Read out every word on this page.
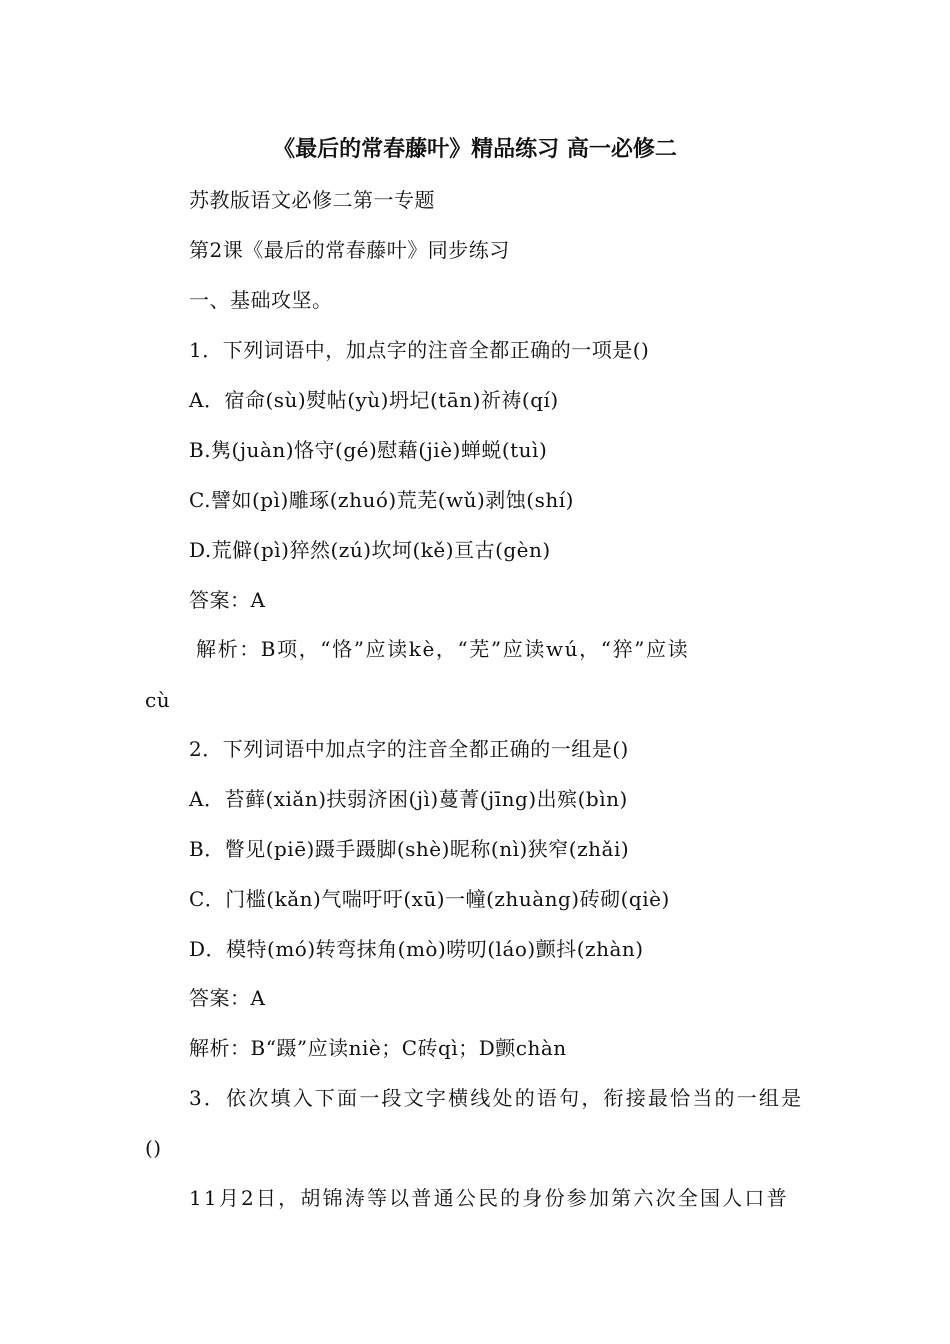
《最后的常春藤叶》精品练习 高一必修二
苏教版语文必修二第一专题
第2课《最后的常春藤叶》同步练习
一、基础攻坚。
1．下列词语中，加点字的注音全都正确的一项是()
A．宿命(sù)熨帖(yù)坍圮(tān)祈祷(qí)
B.隽(juàn)恪守(gé)慰藉(jiè)蝉蜕(tuì)
C.譬如(pì)雕琢(zhuó)荒芜(wǔ)剥蚀(shí)
D.荒僻(pì)猝然(zú)坎坷(kě)亘古(gèn)
答案：A
解析：B项，“恪”应读kè，“芜”应读wú，“猝”应读
cù
2．下列词语中加点字的注音全都正确的一组是()
A．苔藓(xiǎn)扶弱济困(jì)蔓菁(jīng)出殡(bìn)
B．瞥见(piē)蹑手蹑脚(shè)昵称(nì)狭窄(zhǎi)
C．门槛(kǎn)气喘吁吁(xū)一幢(zhuàng)砖砌(qiè)
D．模特(mó)转弯抹角(mò)唠叨(láo)颤抖(zhàn)
答案：A
解析：B“蹑”应读niè；C砖qì；D颤chàn
3．依次填入下面一段文字横线处的语句，衔接最恰当的一组是
()
11月2日，胡锦涛等以普通公民的身份参加第六次全国人口普
